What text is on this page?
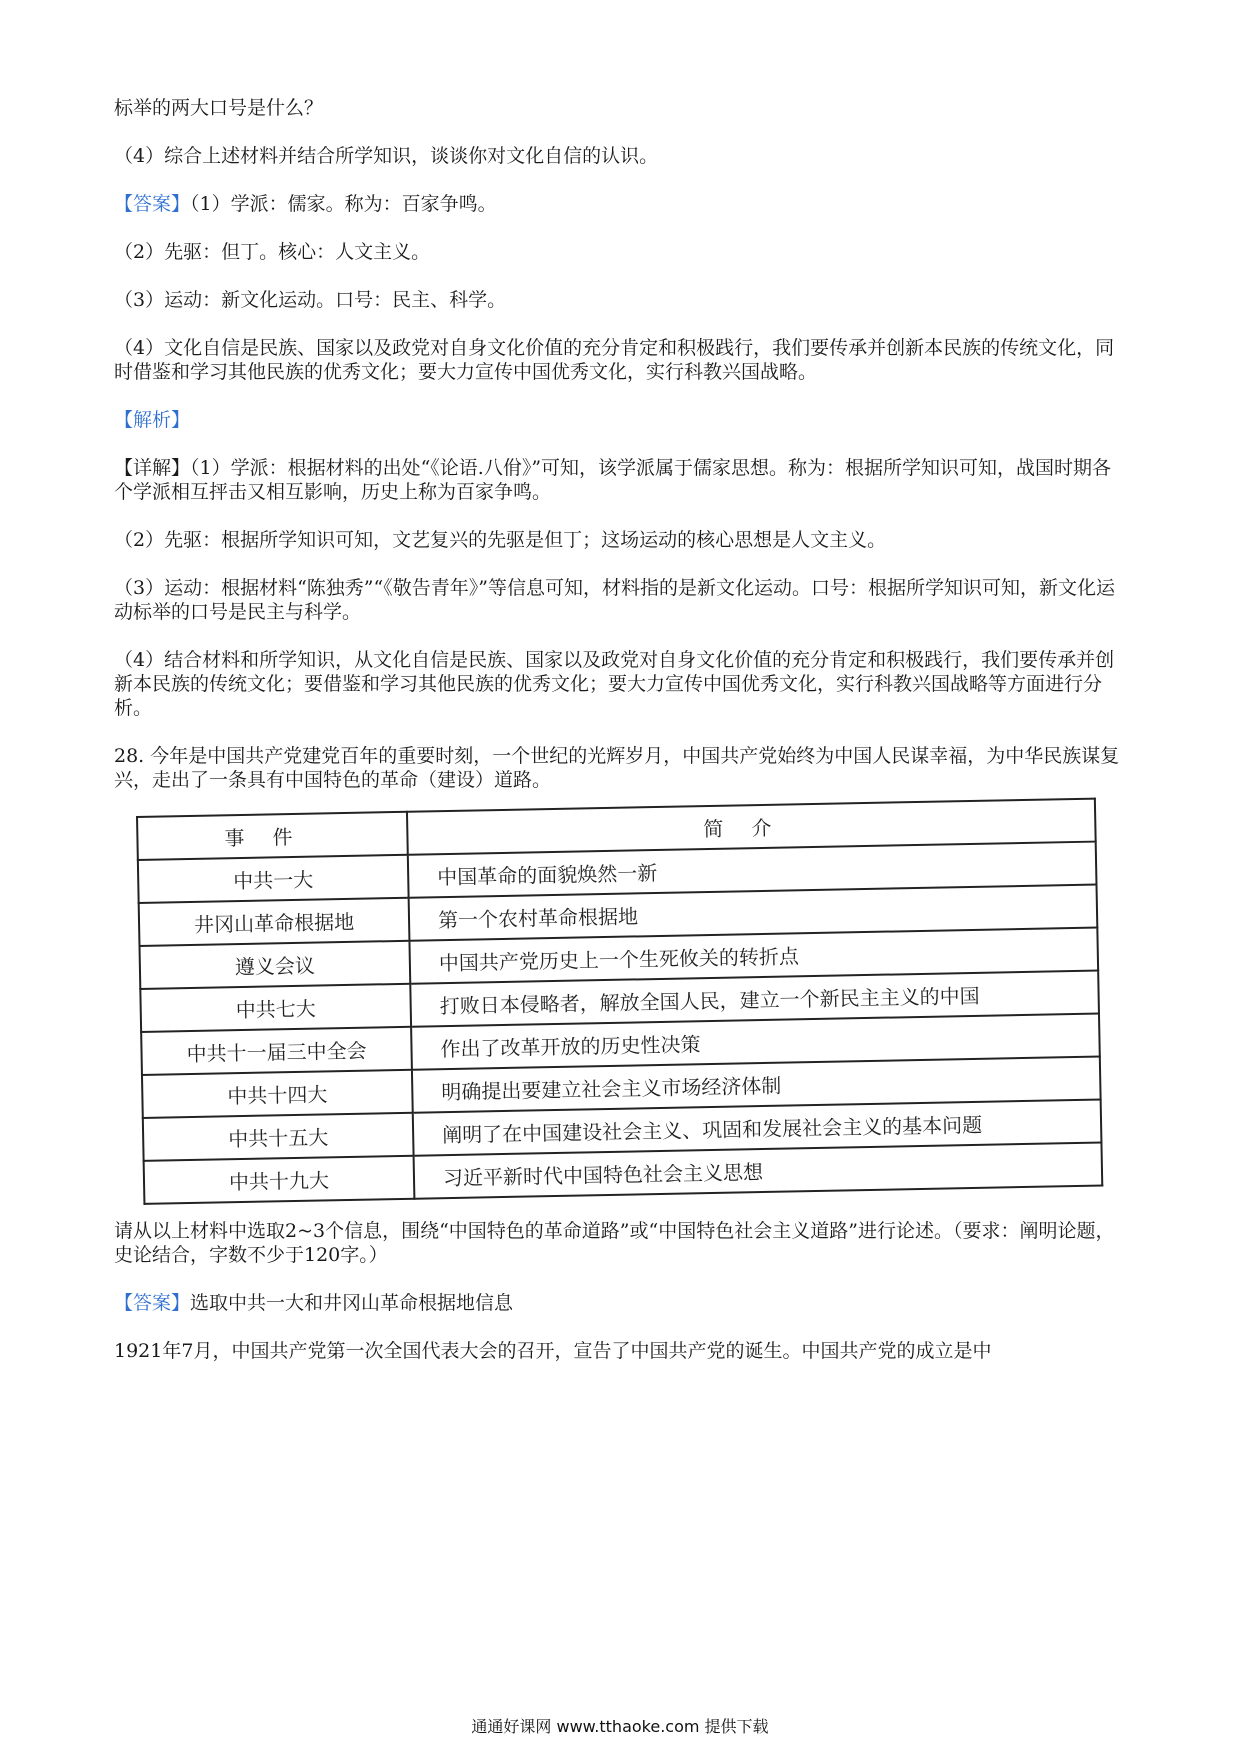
标举的两大口号是什么？
（4）综合上述材料并结合所学知识，谈谈你对文化自信的认识。
【答案】（1）学派：儒家。称为：百家争鸣。
（2）先驱：但丁。核心：人文主义。
（3）运动：新文化运动。口号：民主、科学。
（4）文化自信是民族、国家以及政党对自身文化价值的充分肯定和积极践行，我们要传承并创新本民族的传统文化，同时借鉴和学习其他民族的优秀文化；要大力宣传中国优秀文化，实行科教兴国战略。
【解析】
【详解】（1）学派：根据材料的出处“《论语.八佾》”可知，该学派属于儒家思想。称为：根据所学知识可知，战国时期各个学派相互抨击又相互影响，历史上称为百家争鸣。
（2）先驱：根据所学知识可知，文艺复兴的先驱是但丁；这场运动的核心思想是人文主义。
（3）运动：根据材料“陈独秀”“《敬告青年》”等信息可知，材料指的是新文化运动。口号：根据所学知识可知，新文化运动标举的口号是民主与科学。
（4）结合材料和所学知识，从文化自信是民族、国家以及政党对自身文化价值的充分肯定和积极践行，我们要传承并创新本民族的传统文化；要借鉴和学习其他民族的优秀文化；要大力宣传中国优秀文化，实行科教兴国战略等方面进行分析。
28. 今年是中国共产党建党百年的重要时刻，一个世纪的光辉岁月，中国共产党始终为中国人民谋幸福，为中华民族谋复兴，走出了一条具有中国特色的革命（建设）道路。
事件	简介
中共一大	中国革命的面貌焕然一新
井冈山革命根据地	第一个农村革命根据地
遵义会议	中国共产党历史上一个生死攸关的转折点
中共七大	打败日本侵略者，解放全国人民，建立一个新民主主义的中国
中共十一届三中全会	作出了改革开放的历史性决策
中共十四大	明确提出要建立社会主义市场经济体制
中共十五大	阐明了在中国建设社会主义、巩固和发展社会主义的基本问题
中共十九大	习近平新时代中国特色社会主义思想
请从以上材料中选取2~3个信息，围绕“中国特色的革命道路”或“中国特色社会主义道路”进行论述。（要求：阐明论题，史论结合，字数不少于120字。）
【答案】选取中共一大和井冈山革命根据地信息
1921年7月，中国共产党第一次全国代表大会的召开，宣告了中国共产党的诞生。中国共产党的成立是中
通通好课网 www.tthaoke.com 提供下载
